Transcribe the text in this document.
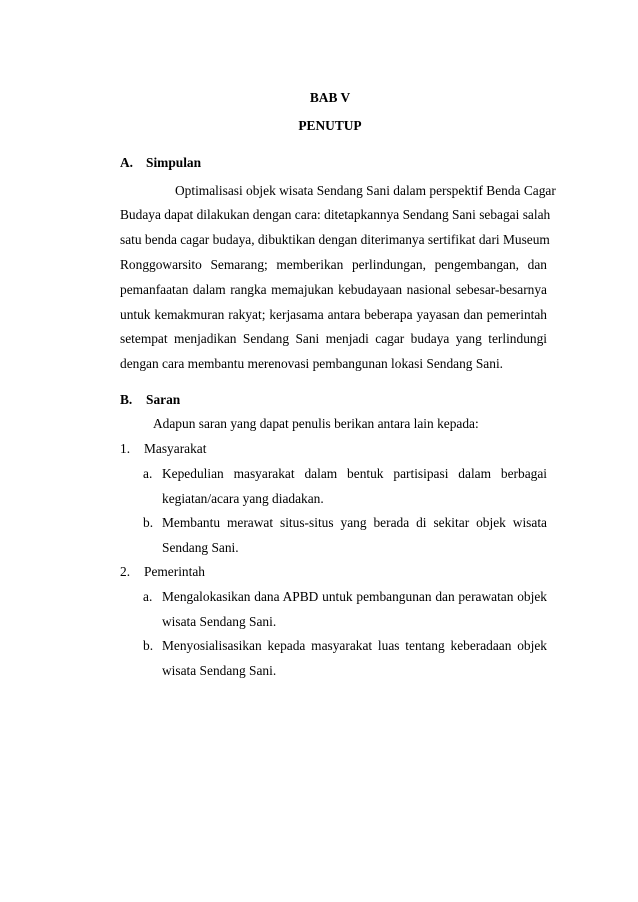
BAB V
PENUTUP
A. Simpulan
Optimalisasi objek wisata Sendang Sani dalam perspektif Benda Cagar
Budaya dapat dilakukan dengan cara: ditetapkannya Sendang Sani sebagai salah
satu benda cagar budaya, dibuktikan dengan diterimanya sertifikat dari Museum
Ronggowarsito Semarang; memberikan perlindungan, pengembangan, dan
pemanfaatan dalam rangka memajukan kebudayaan nasional sebesar-besarnya
untuk kemakmuran rakyat; kerjasama antara beberapa yayasan dan pemerintah
setempat menjadikan Sendang Sani menjadi cagar budaya yang terlindungi
dengan cara membantu merenovasi pembangunan lokasi Sendang Sani.
B. Saran
Adapun saran yang dapat penulis berikan antara lain kepada:
1. Masyarakat
a. Kepedulian masyarakat dalam bentuk partisipasi dalam berbagai
kegiatan/acara yang diadakan.
b. Membantu merawat situs-situs yang berada di sekitar objek wisata
Sendang Sani.
2. Pemerintah
a. Mengalokasikan dana APBD untuk pembangunan dan perawatan objek
wisata Sendang Sani.
b. Menyosialisasikan kepada masyarakat luas tentang keberadaan objek
wisata Sendang Sani.
